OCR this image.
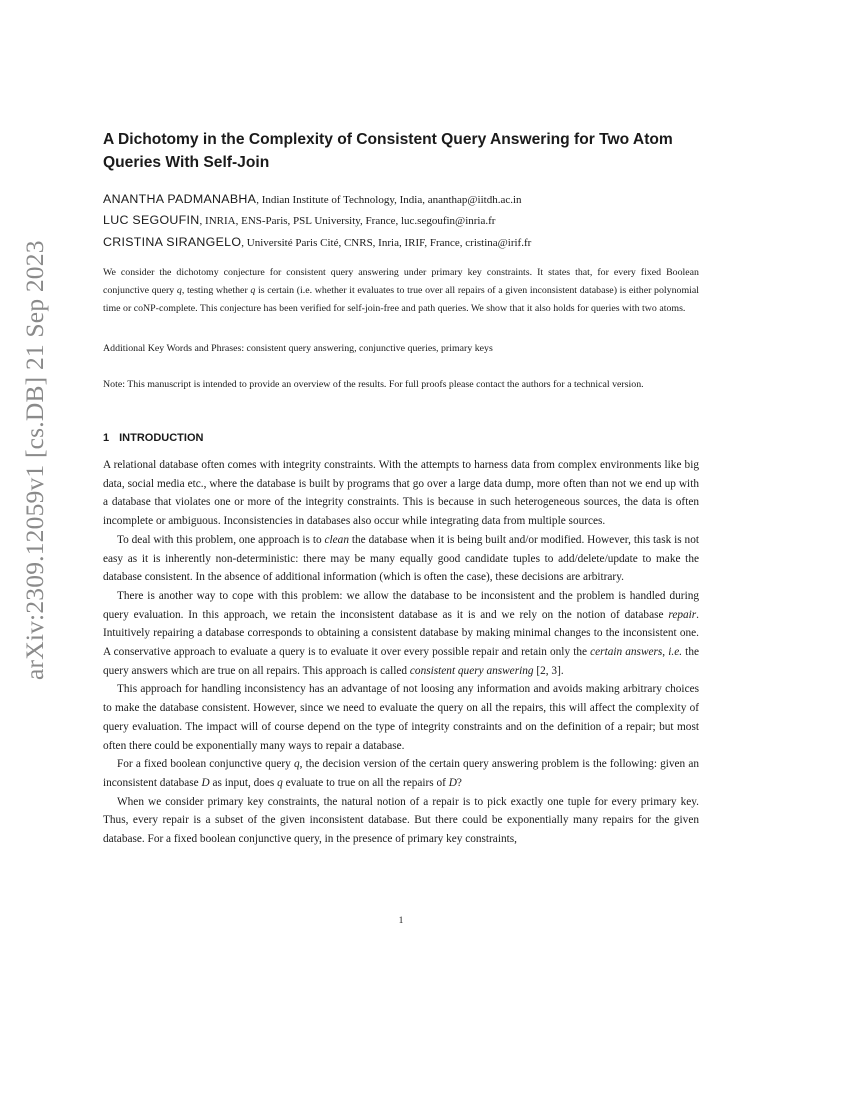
arXiv:2309.12059v1 [cs.DB] 21 Sep 2023
A Dichotomy in the Complexity of Consistent Query Answering for Two Atom Queries With Self-Join
ANANTHA PADMANABHA, Indian Institute of Technology, India, ananthap@iitdh.ac.in
LUC SEGOUFIN, INRIA, ENS-Paris, PSL University, France, luc.segoufin@inria.fr
CRISTINA SIRANGELO, Université Paris Cité, CNRS, Inria, IRIF, France, cristina@irif.fr

We consider the dichotomy conjecture for consistent query answering under primary key constraints. It states that, for every fixed Boolean conjunctive query q, testing whether q is certain (i.e. whether it evaluates to true over all repairs of a given inconsistent database) is either polynomial time or coNP-complete. This conjecture has been verified for self-join-free and path queries. We show that it also holds for queries with two atoms.

Additional Key Words and Phrases: consistent query answering, conjunctive queries, primary keys

Note: This manuscript is intended to provide an overview of the results. For full proofs please contact the authors for a technical version.

1 INTRODUCTION

A relational database often comes with integrity constraints. With the attempts to harness data from complex environments like big data, social media etc., where the database is built by programs that go over a large data dump, more often than not we end up with a database that violates one or more of the integrity constraints. This is because in such heterogeneous sources, the data is often incomplete or ambiguous. Inconsistencies in databases also occur while integrating data from multiple sources.

To deal with this problem, one approach is to clean the database when it is being built and/or modified. However, this task is not easy as it is inherently non-deterministic: there may be many equally good candidate tuples to add/delete/update to make the database consistent. In the absence of additional information (which is often the case), these decisions are arbitrary.

There is another way to cope with this problem: we allow the database to be inconsistent and the problem is handled during query evaluation. In this approach, we retain the inconsistent database as it is and we rely on the notion of database repair. Intuitively repairing a database corresponds to obtaining a consistent database by making minimal changes to the inconsistent one. A conservative approach to evaluate a query is to evaluate it over every possible repair and retain only the certain answers, i.e. the query answers which are true on all repairs. This approach is called consistent query answering [2, 3].

This approach for handling inconsistency has an advantage of not loosing any information and avoids making arbitrary choices to make the database consistent. However, since we need to evaluate the query on all the repairs, this will affect the complexity of query evaluation. The impact will of course depend on the type of integrity constraints and on the definition of a repair; but most often there could be exponentially many ways to repair a database.

For a fixed boolean conjunctive query q, the decision version of the certain query answering problem is the following: given an inconsistent database D as input, does q evaluate to true on all the repairs of D?

When we consider primary key constraints, the natural notion of a repair is to pick exactly one tuple for every primary key. Thus, every repair is a subset of the given inconsistent database. But there could be exponentially many repairs for the given database. For a fixed boolean conjunctive query, in the presence of primary key constraints,

1
